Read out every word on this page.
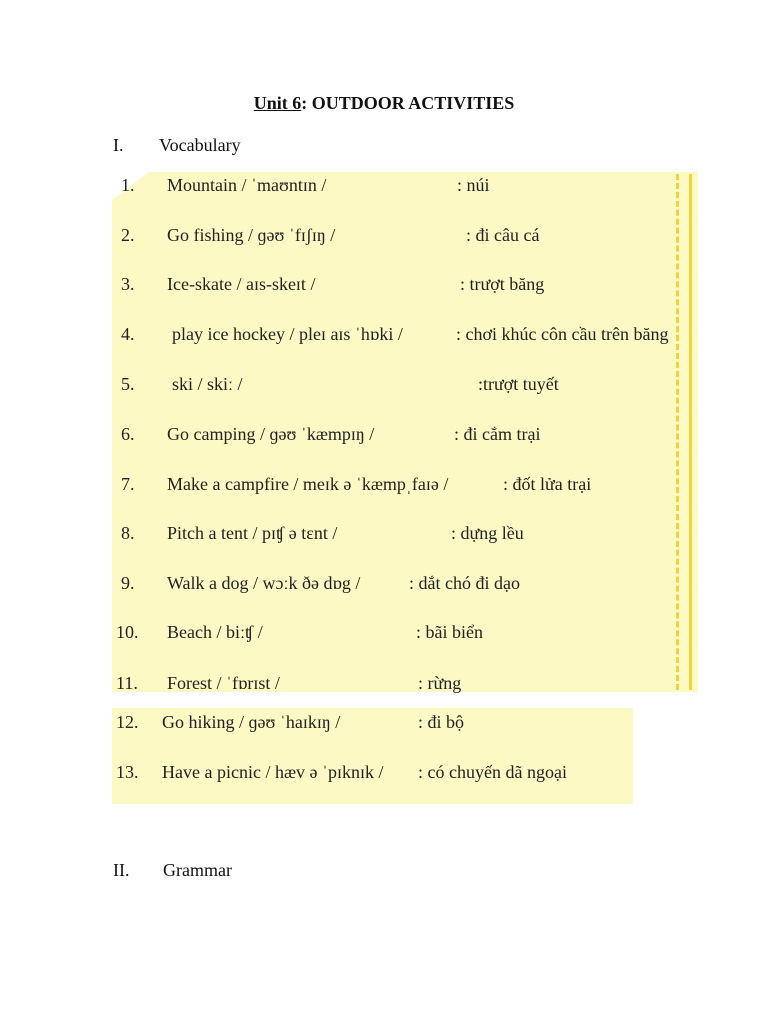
Unit 6: OUTDOOR ACTIVITIES
I. Vocabulary
1. Mountain / ˈmaʊntɪn /	: núi
2. Go fishing / ɡəʊ ˈfɪʃɪŋ /	: đi câu cá
3. Ice-skate / aɪs-skeɪt /	: trượt băng
4. play ice hockey / pleɪ aɪs ˈhɒki /	: chơi khúc côn cầu trên băng
5. ski / skiː /	:trượt tuyết
6. Go camping / ɡəʊ ˈkæmpɪŋ /	: đi cắm trại
7. Make a campfire / meɪk ə ˈkæmpˌfaɪə /	: đốt lửa trại
8. Pitch a tent / pɪʧ ə tɛnt /	: dựng lều
9. Walk a dog / wɔːk ðə dɒg /	: dắt chó đi dạo
10. Beach / biːʧ /	: bãi biển
11. Forest / ˈfɒrɪst /	: rừng
12. Go hiking / ɡəʊ ˈhaɪkɪŋ /	: đi bộ
13. Have a picnic / hæv ə ˈpɪknɪk / : có chuyến dã ngoại
II. Grammar
